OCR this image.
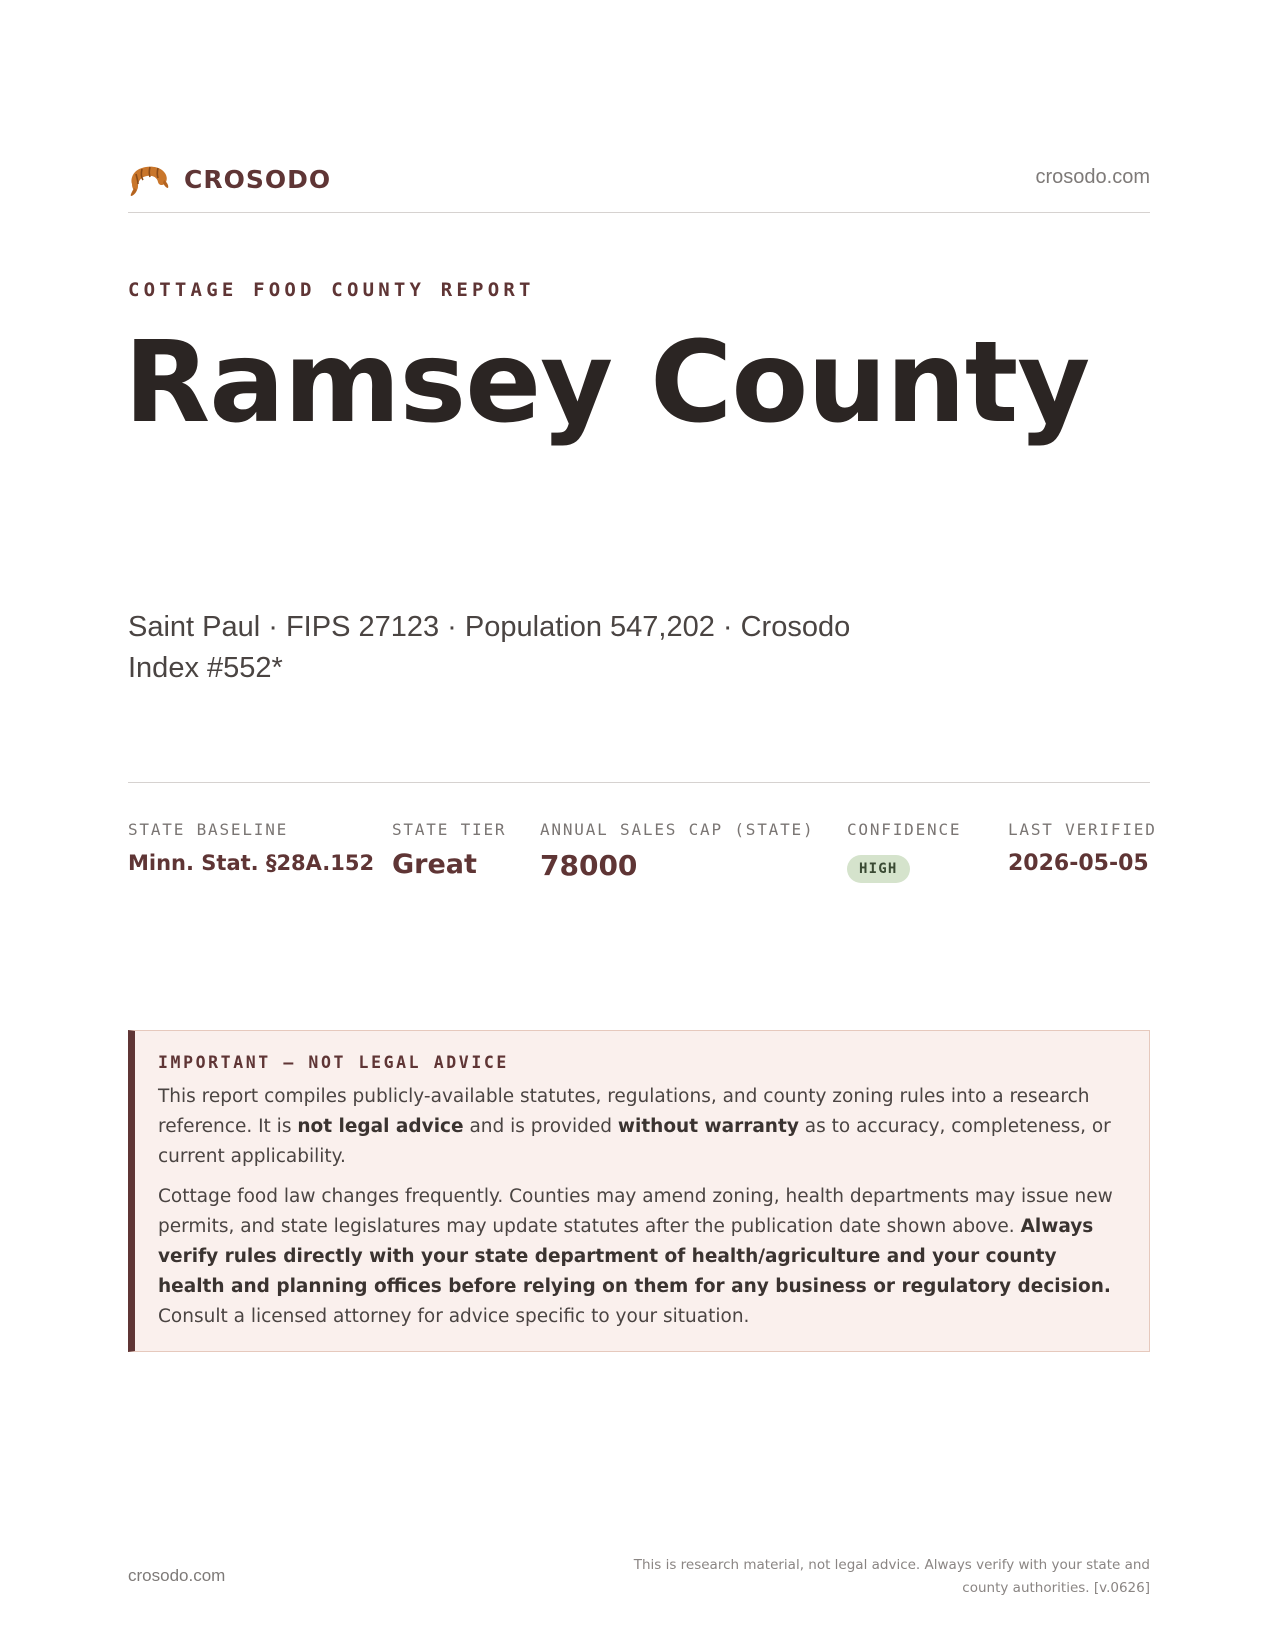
CROSODO	crosodo.com
COTTAGE FOOD COUNTY REPORT
Ramsey County
Saint Paul · FIPS 27123 · Population 547,202 · Crosodo Index #552*
STATE BASELINE
Minn. Stat. §28A.152
STATE TIER
Great
ANNUAL SALES CAP (STATE)
78000
CONFIDENCE
HIGH
LAST VERIFIED
2026-05-05
IMPORTANT — NOT LEGAL ADVICE

This report compiles publicly-available statutes, regulations, and county zoning rules into a research reference. It is not legal advice and is provided without warranty as to accuracy, completeness, or current applicability.

Cottage food law changes frequently. Counties may amend zoning, health departments may issue new permits, and state legislatures may update statutes after the publication date shown above. Always verify rules directly with your state department of health/agriculture and your county health and planning offices before relying on them for any business or regulatory decision. Consult a licensed attorney for advice specific to your situation.

crosodo.com
This is research material, not legal advice. Always verify with your state and county authorities. [v.0626]
